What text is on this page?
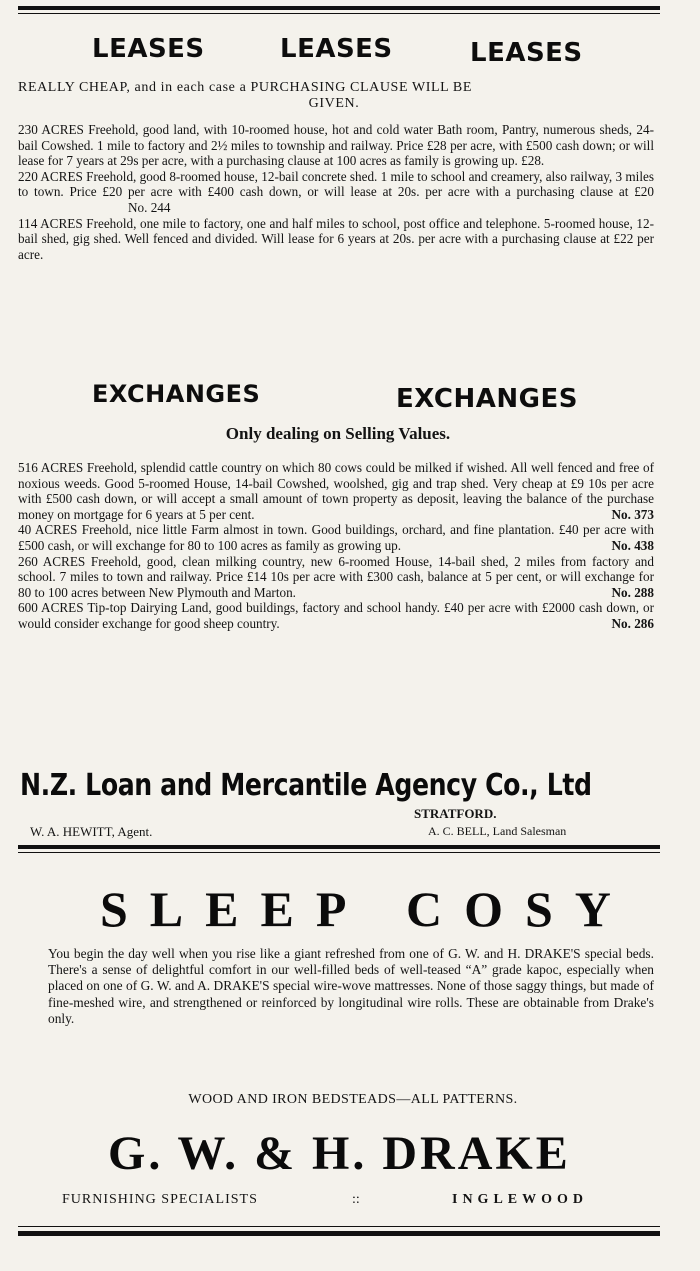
LEASES	LEASES	LEASES
REALLY CHEAP, and in each case a PURCHASING CLAUSE WILL BE
GIVEN.

230 ACRES Freehold, good land, with 10-roomed house, hot and cold water Bath room, Pantry, numerous sheds, 24-bail Cowshed. 1 mile to factory and 2½ miles to township and railway. Price £28 per acre, with £500 cash down; or will lease for 7 years at 29s per acre, with a purchasing clause at 100 acres as family is growing up. £28.

220 ACRES Freehold, good 8-roomed house, 12-bail concrete shed. 1 mile to school and creamery, also railway, 3 miles to town. Price £20 per acre with £400 cash down, or will lease at 20s. per acre with a purchasing clause at £20 No. 244

114 ACRES Freehold, one mile to factory, one and half miles to school, post office and telephone. 5-roomed house, 12-bail shed, gig shed. Well fenced and divided. Will lease for 6 years at 20s. per acre with a purchasing clause at £22 per acre.

EXCHANGES	EXCHANGES
Only dealing on Selling Values.

516 ACRES Freehold, splendid cattle country on which 80 cows could be milked if wished. All well fenced and free of noxious weeds. Good 5-roomed House, 14-bail Cowshed, woolshed, gig and trap shed. Very cheap at £9 10s per acre with £500 cash down, or will accept a small amount of town property as deposit, leaving the balance of the purchase money on mortgage for 6 years at 5 per cent.	No. 373

40 ACRES Freehold, nice little Farm almost in town. Good buildings, orchard, and fine plantation. £40 per acre with £500 cash, or will exchange for 80 to 100 acres as family as growing up.	No. 438

260 ACRES Freehold, good, clean milking country, new 6-roomed House, 14-bail shed, 2 miles from factory and school. 7 miles to town and railway. Price £14 10s per acre with £300 cash, balance at 5 per cent, or will exchange for 80 to 100 acres between New Plymouth and Marton.	No. 288

600 ACRES Tip-top Dairying Land, good buildings, factory and school handy. £40 per acre with £2000 cash down, or would consider exchange for good sheep country.	No. 286

N.Z. Loan and Mercantile Agency Co., Ltd
STRATFORD.
W. A. HEWITT, Agent.	A. C. BELL, Land Salesman
SLEEP COSY

You begin the day well when you rise like a giant refreshed from one of G. W. and H. DRAKE'S special beds. There's a sense of delightful comfort in our well-filled beds of well-teased “A” grade kapoc, especially when placed on one of G. W. and A. DRAKE'S special wire-wove mattresses. None of those saggy things, but made of fine-meshed wire, and strengthened or reinforced by longitudinal wire rolls. These are obtainable from Drake's only.

WOOD AND IRON BEDSTEADS—ALL PATTERNS.
G. W. & H. DRAKE
FURNISHING SPECIALISTS	::	INGLEWOOD
